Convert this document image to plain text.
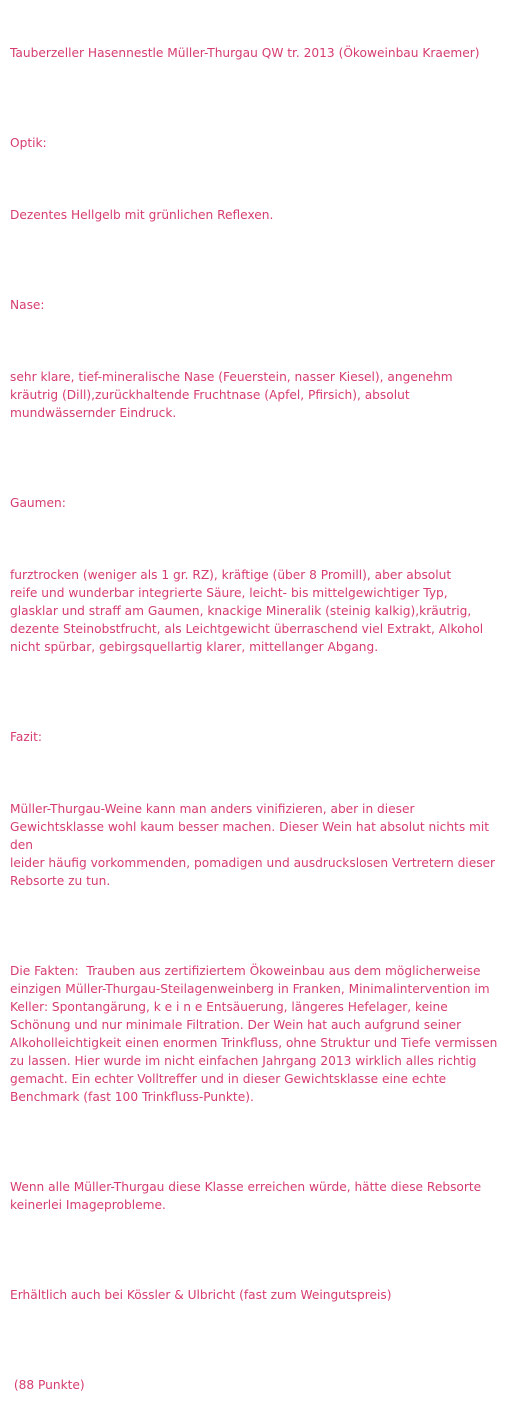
Tauberzeller Hasennestle Müller-Thurgau QW tr. 2013 (Ökoweinbau Kraemer)

Optik:

Dezentes Hellgelb mit grünlichen Reflexen.

Nase:

sehr klare, tief-mineralische Nase (Feuerstein, nasser Kiesel), angenehm
kräutrig (Dill),zurückhaltende Fruchtnase (Apfel, Pfirsich), absolut
mundwässernder Eindruck.

Gaumen:

furztrocken (weniger als 1 gr. RZ), kräftige (über 8 Promill), aber absolut
reife und wunderbar integrierte Säure, leicht- bis mittelgewichtiger Typ,
glasklar und straff am Gaumen, knackige Mineralik (steinig kalkig),kräutrig,
dezente Steinobstfrucht, als Leichtgewicht überraschend viel Extrakt, Alkohol
nicht spürbar, gebirgsquellartig klarer, mittellanger Abgang.

Fazit:

Müller-Thurgau-Weine kann man anders vinifizieren, aber in dieser
Gewichtsklasse wohl kaum besser machen. Dieser Wein hat absolut nichts mit den
leider häufig vorkommenden, pomadigen und ausdruckslosen Vertretern dieser
Rebsorte zu tun.

Die Fakten:  Trauben aus zertifiziertem Ökoweinbau aus dem möglicherweise
einzigen Müller-Thurgau-Steilagenweinberg in Franken, Minimalintervention im
Keller: Spontangärung, k e i n e Entsäuerung, längeres Hefelager, keine
Schönung und nur minimale Filtration. Der Wein hat auch aufgrund seiner
Alkoholleichtigkeit einen enormen Trinkfluss, ohne Struktur und Tiefe vermissen
zu lassen. Hier wurde im nicht einfachen Jahrgang 2013 wirklich alles richtig
gemacht. Ein echter Volltreffer und in dieser Gewichtsklasse eine echte
Benchmark (fast 100 Trinkfluss-Punkte).

Wenn alle Müller-Thurgau diese Klasse erreichen würde, hätte diese Rebsorte
keinerlei Imageprobleme.

Erhältlich auch bei Kössler & Ulbricht (fast zum Weingutspreis)

(88 Punkte)
